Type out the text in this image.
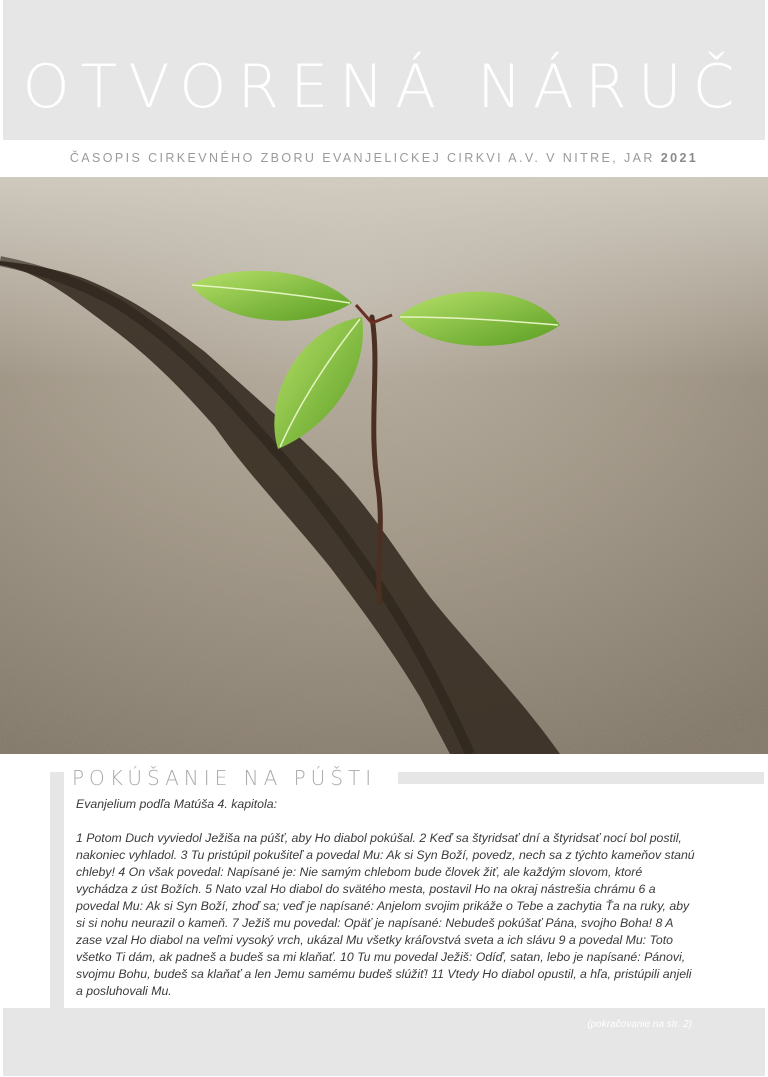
OTVORENÁ NÁRUČ
ČASOPIS CIRKEVNÉHO ZBORU EVANJELICKEJ CIRKVI A.V. V NITRE, JAR 2021
POKÚŠANIE NA PÚŠTI

Evanjelium podľa Matúša 4. kapitola:

1 Potom Duch vyviedol Ježiša na púšť, aby Ho diabol pokúšal. 2 Keď sa štyridsať dní a štyridsať nocí bol postil, nakoniec vyhladol. 3 Tu pristúpil pokušiteľ a povedal Mu: Ak si Syn Boží, povedz, nech sa z týchto kameňov stanú chleby! 4 On však povedal: Napísané je: Nie samým chlebom bude človek žiť, ale každým slovom, ktoré vychádza z úst Božích. 5 Nato vzal Ho diabol do svätého mesta, postavil Ho na okraj nástrešia chrámu 6 a povedal Mu: Ak si Syn Boží, zhoď sa; veď je napísané: Anjelom svojim prikáže o Tebe a zachytia Ťa na ruky, aby si si nohu neurazil o kameň. 7 Ježiš mu povedal: Opäť je napísané: Nebudeš pokúšať Pána, svojho Boha! 8 A zase vzal Ho diabol na veľmi vysoký vrch, ukázal Mu všetky kráľovstvá sveta a ich slávu 9 a povedal Mu: Toto všetko Ti dám, ak padneš a budeš sa mi klaňať. 10 Tu mu povedal Ježiš: Odíď, satan, lebo je napísané: Pánovi, svojmu Bohu, budeš sa klaňať a len Jemu samému budeš slúžiť! 11 Vtedy Ho diabol opustil, a hľa, pristúpili anjeli a posluhovali Mu.

(pokračovanie na str. 2)
